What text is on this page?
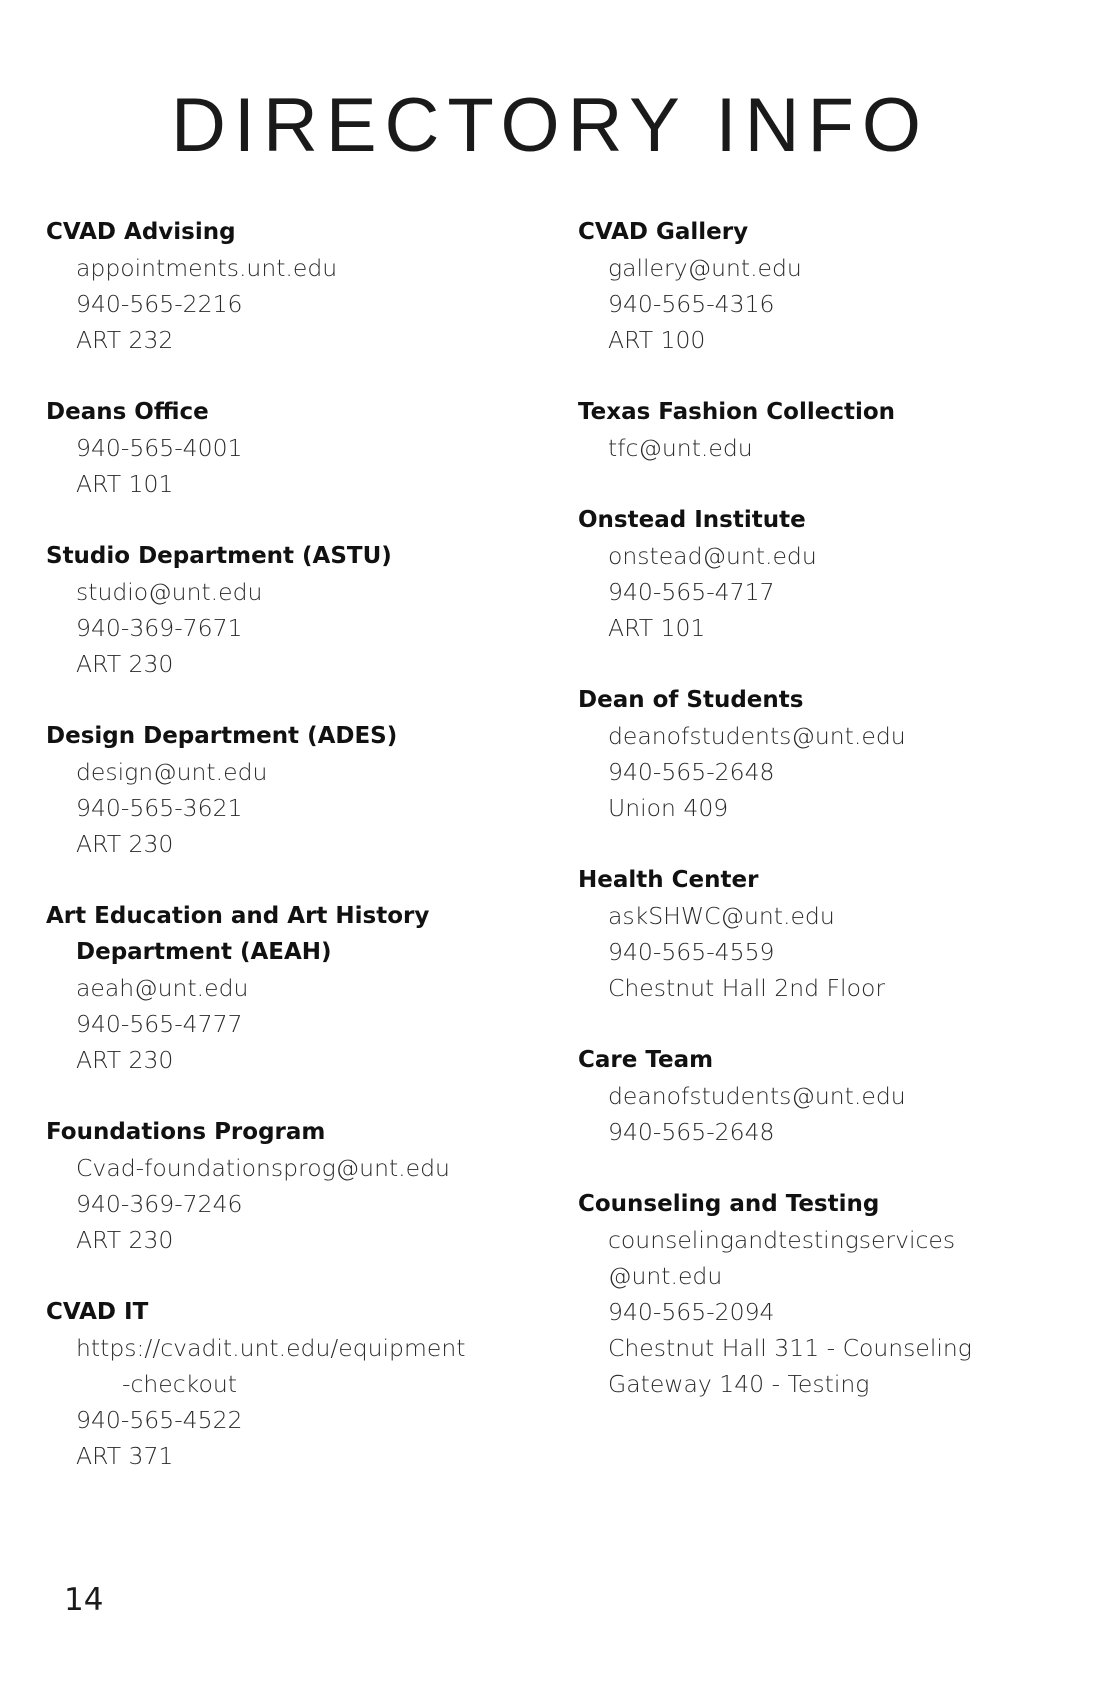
DIRECTORY INFO
CVAD Advising
appointments.unt.edu
940-565-2216
ART 232
Deans Office
940-565-4001
ART 101
Studio Department (ASTU)
studio@unt.edu
940-369-7671
ART 230
Design Department (ADES)
design@unt.edu
940-565-3621
ART 230
Art Education and Art History
Department (AEAH)
aeah@unt.edu
940-565-4777
ART 230
Foundations Program
Cvad-foundationsprog@unt.edu
940-369-7246
ART 230
CVAD IT
https://cvadit.unt.edu/equipment
-checkout
940-565-4522
ART 371
CVAD Gallery
gallery@unt.edu
940-565-4316
ART 100
Texas Fashion Collection
tfc@unt.edu
Onstead Institute
onstead@unt.edu
940-565-4717
ART 101
Dean of Students
deanofstudents@unt.edu
940-565-2648
Union 409
Health Center
askSHWC@unt.edu
940-565-4559
Chestnut Hall 2nd Floor
Care Team
deanofstudents@unt.edu
940-565-2648
Counseling and Testing
counselingandtestingservices
@unt.edu
940-565-2094
Chestnut Hall 311 - Counseling
Gateway 140 - Testing
14
